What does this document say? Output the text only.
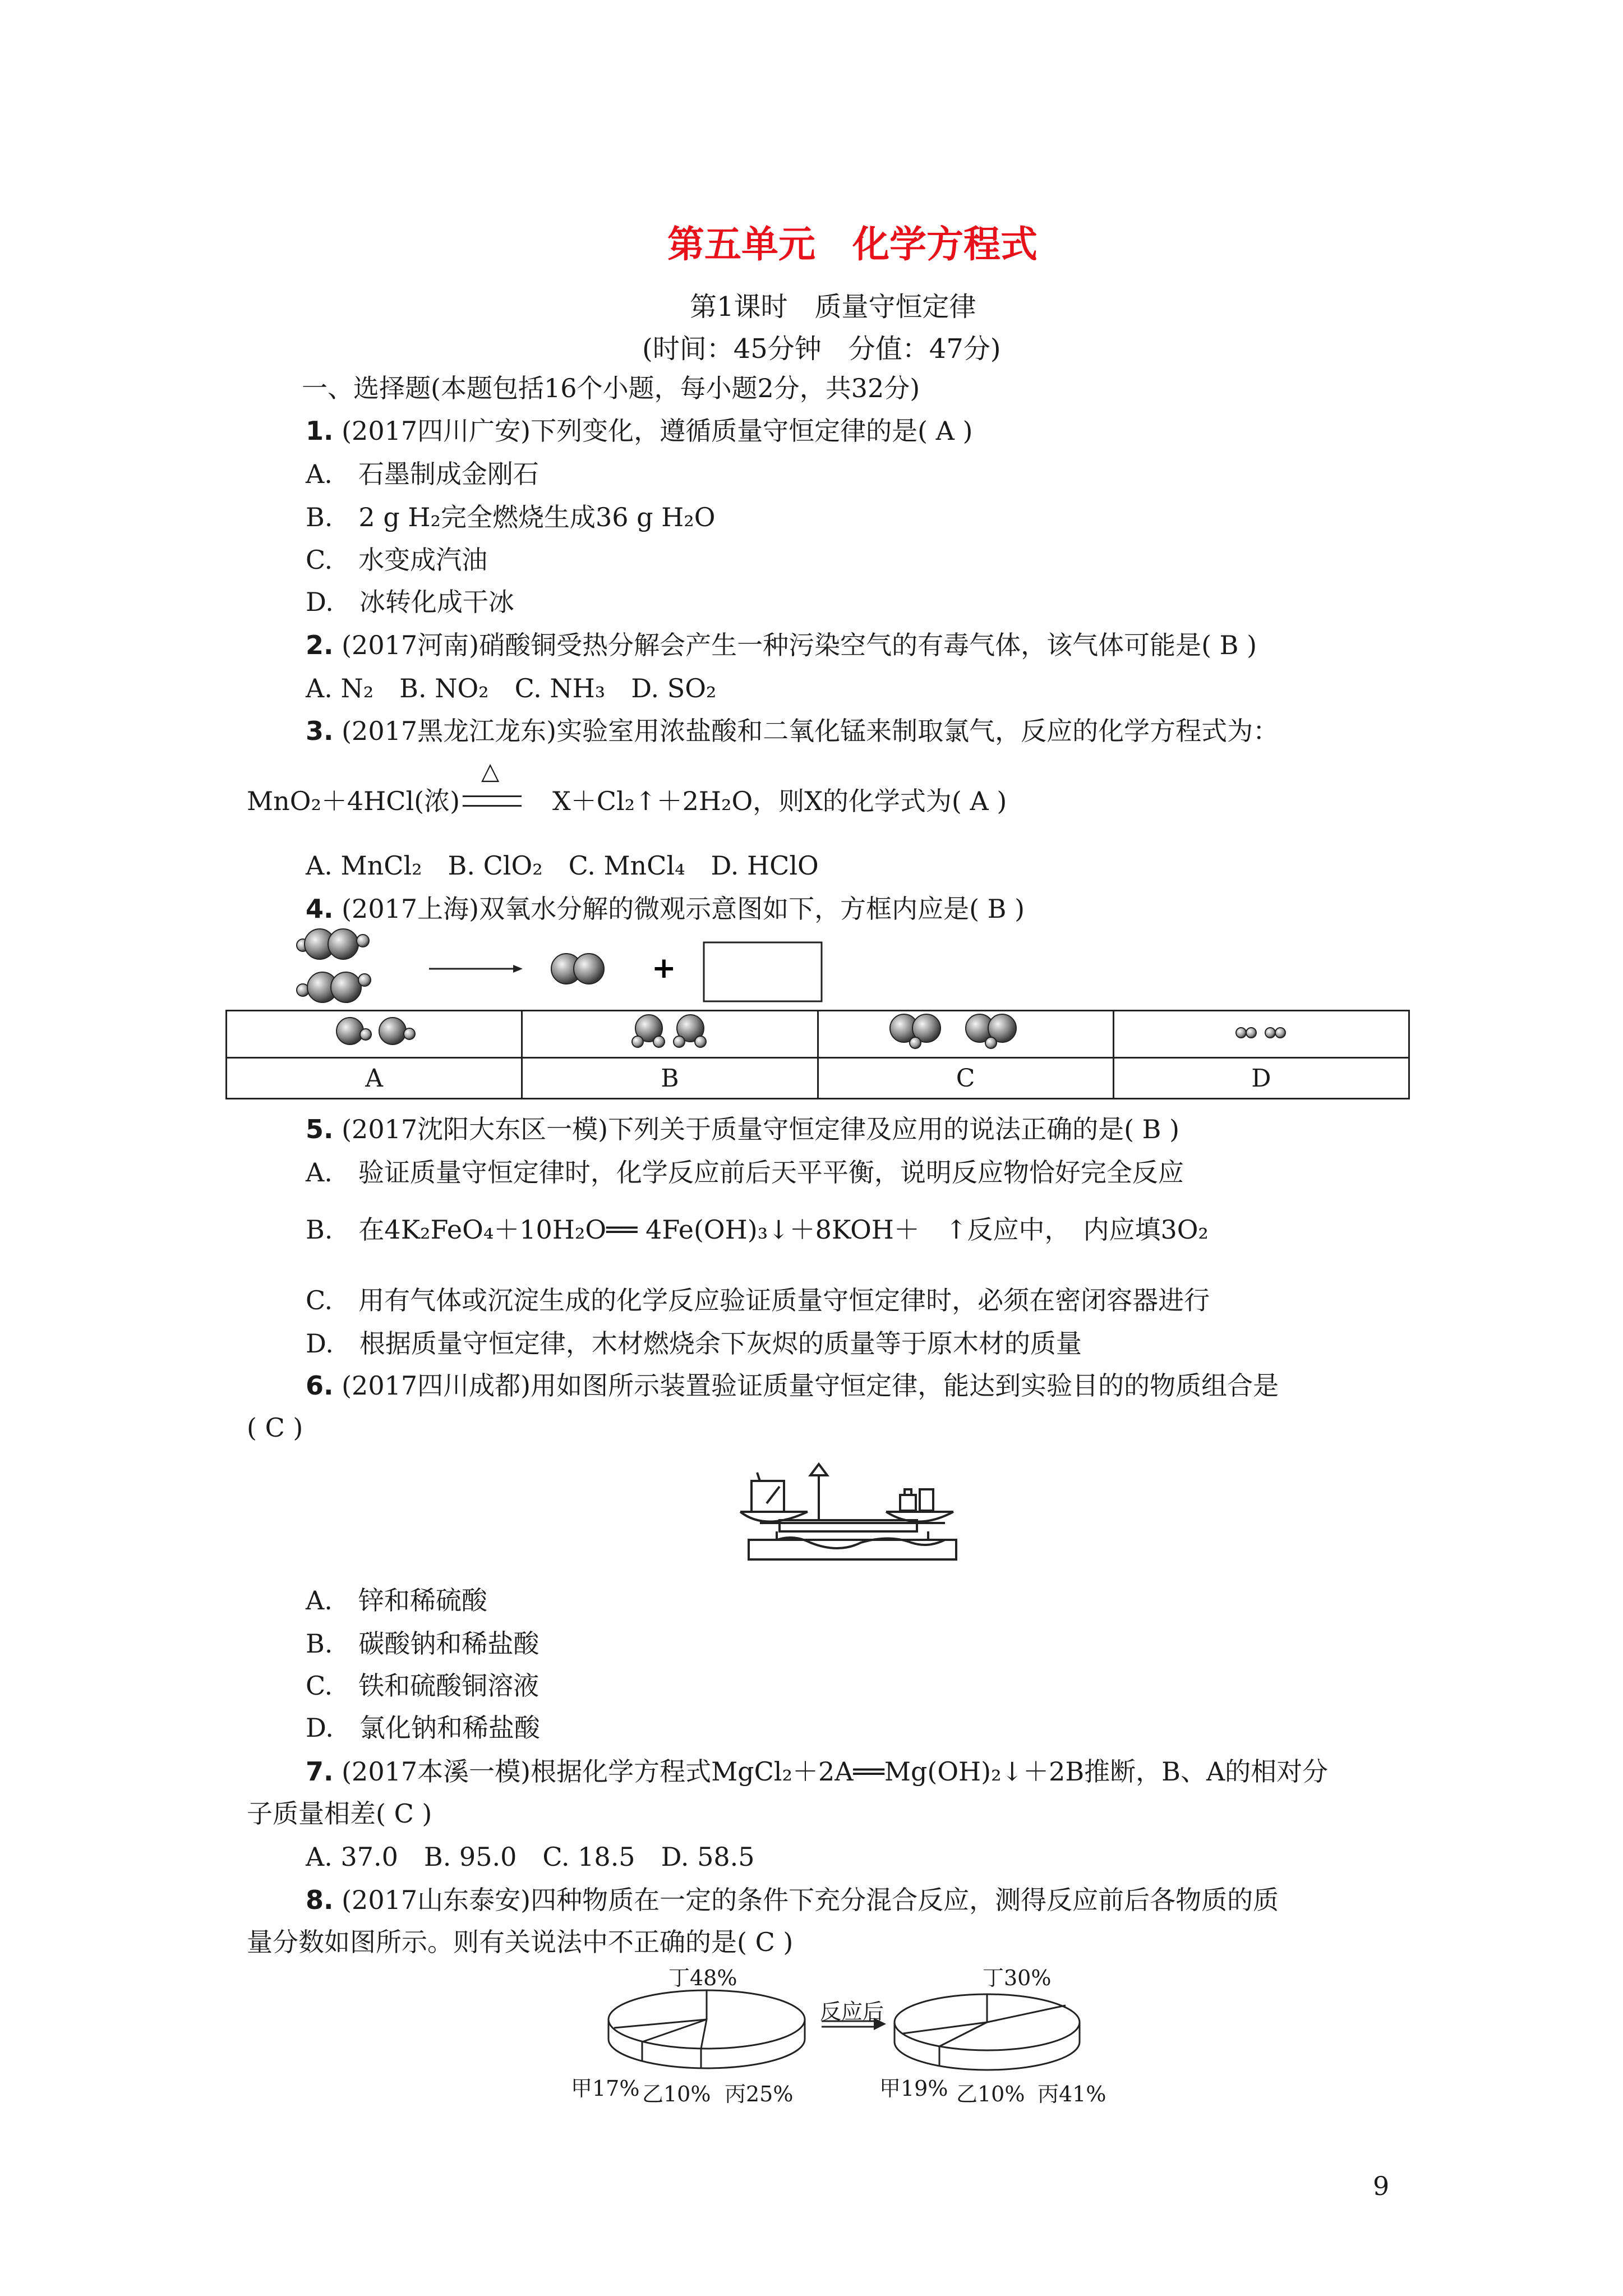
第五单元　化学方程式
第1课时　质量守恒定律
(时间：45分钟　分值：47分)
一、选择题(本题包括16个小题，每小题2分，共32分)
1. (2017四川广安)下列变化，遵循质量守恒定律的是( A )
A.　石墨制成金刚石
B.　2 g H₂完全燃烧生成36 g H₂O
C.　水变成汽油
D.　冰转化成干冰
2. (2017河南)硝酸铜受热分解会产生一种污染空气的有毒气体，该气体可能是( B )
A. N₂　B. NO₂　C. NH₃　D. SO₂
3. (2017黑龙江龙东)实验室用浓盐酸和二氧化锰来制取氯气，反应的化学方程式为：
MnO₂＋4HCl(浓)
△
X＋Cl₂↑＋2H₂O，则X的化学式为( A )
A. MnCl₂　B. ClO₂　C. MnCl₄　D. HClO
4. (2017上海)双氧水分解的微观示意图如下，方框内应是( B )
+

A	B	C	D
5. (2017沈阳大东区一模)下列关于质量守恒定律及应用的说法正确的是( B )
A.　验证质量守恒定律时，化学反应前后天平平衡，说明反应物恰好完全反应
B.　在4K₂FeO₄＋10H₂O══ 4Fe(OH)₃↓＋8KOH＋　↑反应中，　内应填3O₂
C.　用有气体或沉淀生成的化学反应验证质量守恒定律时，必须在密闭容器进行
D.　根据质量守恒定律，木材燃烧余下灰烬的质量等于原木材的质量
6. (2017四川成都)用如图所示装置验证质量守恒定律，能达到实验目的的物质组合是
( C )
A.　锌和稀硫酸
B.　碳酸钠和稀盐酸
C.　铁和硫酸铜溶液
D.　氯化钠和稀盐酸
7. (2017本溪一模)根据化学方程式MgCl₂＋2A══Mg(OH)₂↓＋2B推断，B、A的相对分
子质量相差( C )
A. 37.0　B. 95.0　C. 18.5　D. 58.5
8. (2017山东泰安)四种物质在一定的条件下充分混合反应，测得反应前后各物质的质
量分数如图所示。则有关说法中不正确的是( C )
丁48%
甲17% 乙10% 丙25%
反应后
丁30%
甲19% 乙10% 丙41%
9
